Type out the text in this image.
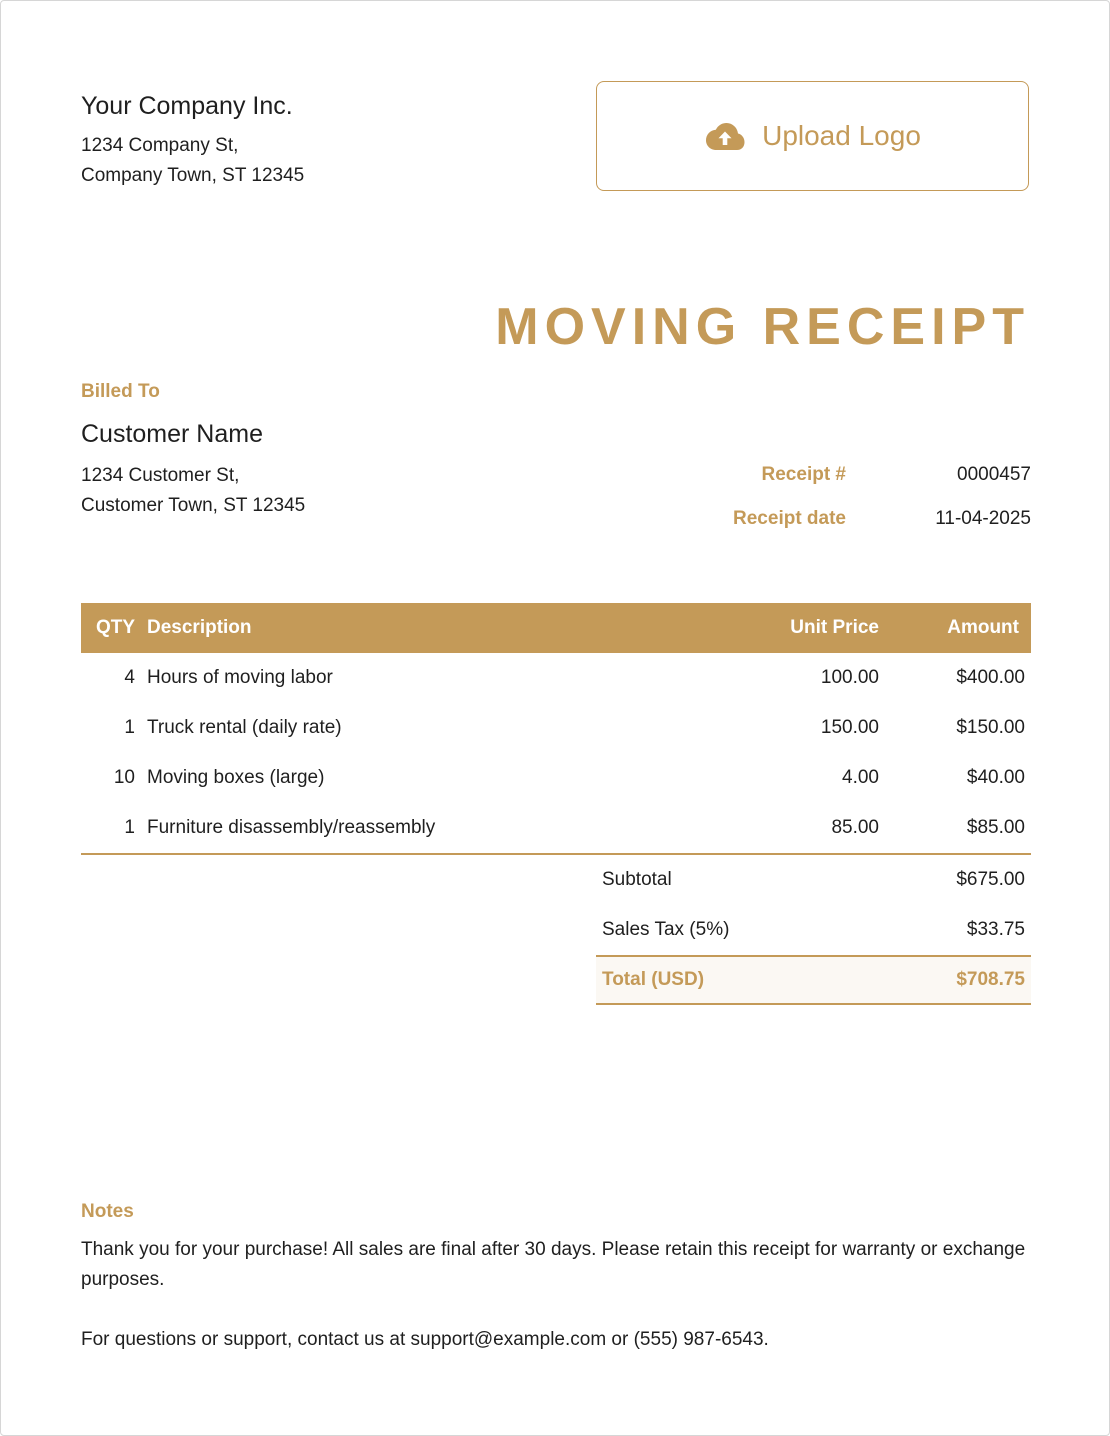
Your Company Inc.
1234 Company St,
Company Town, ST 12345
Upload Logo
MOVING RECEIPT
Billed To
Customer Name
1234 Customer St,
Customer Town, ST 12345
Receipt #	0000457
Receipt date	11-04-2025
QTY	Description	Unit Price	Amount

4	Hours of moving labor	100.00	$400.00

1	Truck rental (daily rate)	150.00	$150.00

10	Moving boxes (large)	4.00	$40.00

1	Furniture disassembly/reassembly	85.00	$85.00
Subtotal	$675.00
Sales Tax (5%)	$33.75
Total (USD)	$708.75
Notes
Thank you for your purchase! All sales are final after 30 days. Please retain this receipt for warranty or exchange purposes.
For questions or support, contact us at support@example.com or (555) 987-6543.
